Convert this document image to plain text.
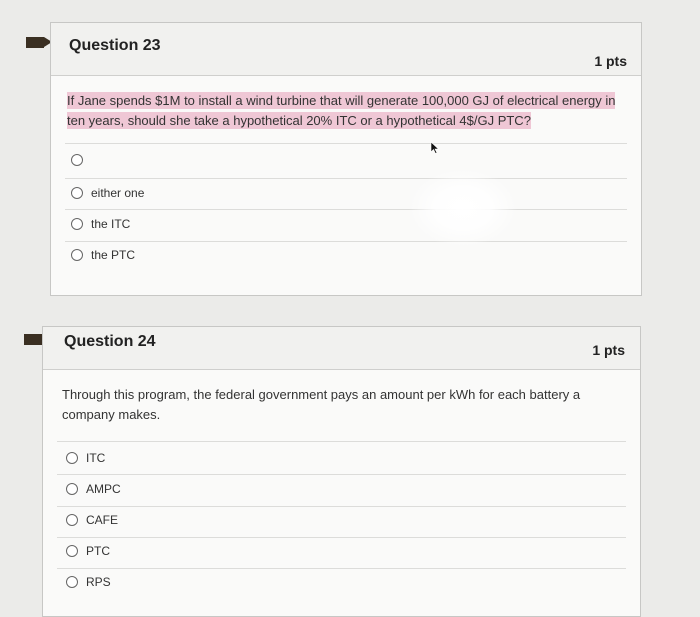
Question 23
1 pts
If Jane spends $1M to install a wind turbine that will generate 100,000 GJ of electrical energy in ten years, should she take a hypothetical 20% ITC or a hypothetical 4$/GJ PTC?
either one
the ITC
the PTC
Question 24	1 pts
Through this program, the federal government pays an amount per kWh for each battery a company makes.
ITC
AMPC
CAFE
PTC
RPS
